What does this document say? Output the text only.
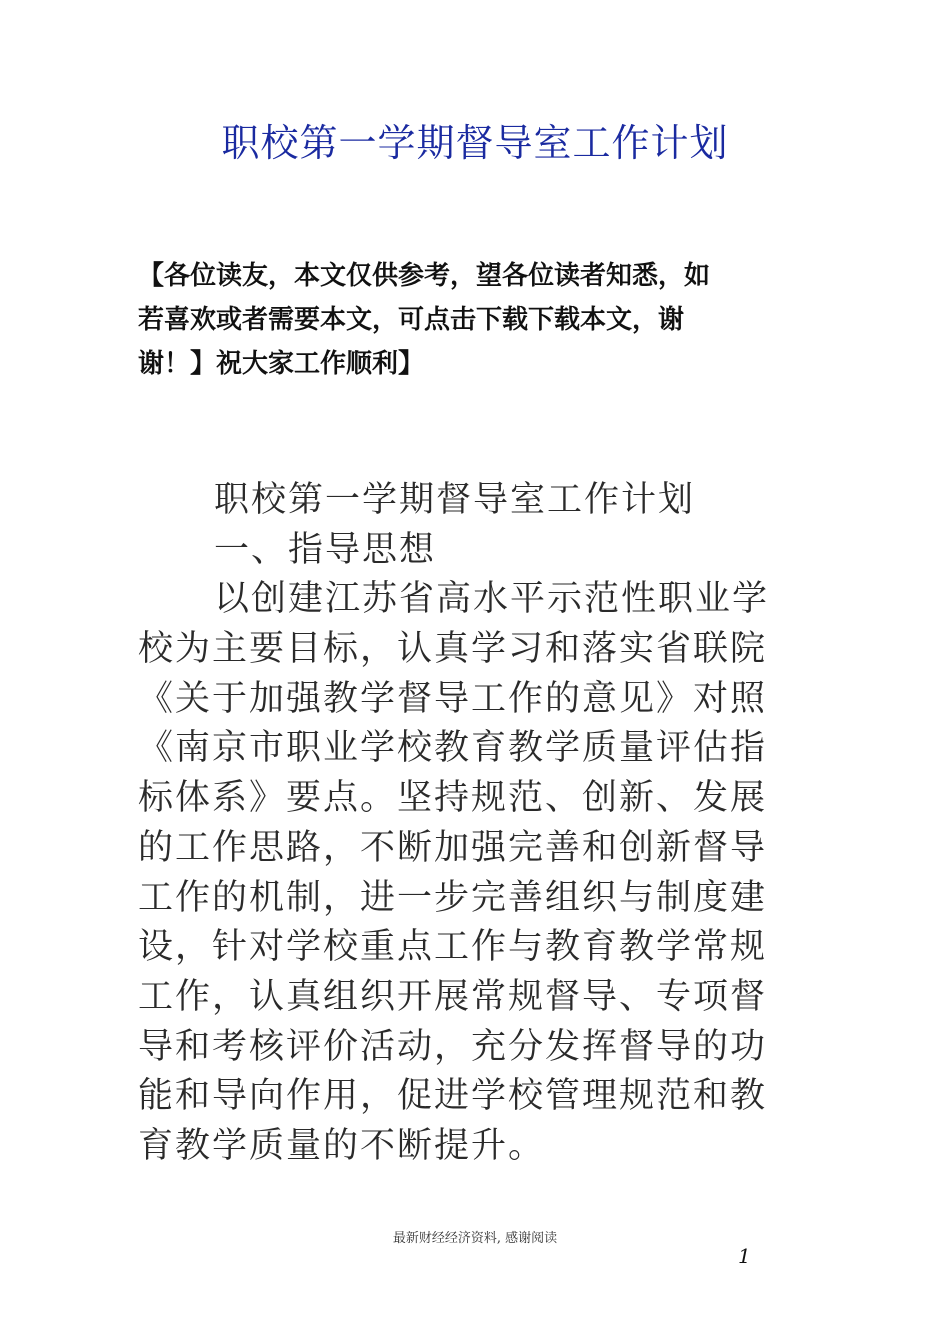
职校第一学期督导室工作计划
【各位读友，本文仅供参考，望各位读者知悉，如
若喜欢或者需要本文，可点击下载下载本文，谢
谢！】祝大家工作顺利】
职校第一学期督导室工作计划
一、指导思想
以创建江苏省高水平示范性职业学
校为主要目标，认真学习和落实省联院
《关于加强教学督导工作的意见》对照
《南京市职业学校教育教学质量评估指
标体系》要点。坚持规范、创新、发展
的工作思路，不断加强完善和创新督导
工作的机制，进一步完善组织与制度建
设，针对学校重点工作与教育教学常规
工作，认真组织开展常规督导、专项督
导和考核评价活动，充分发挥督导的功
能和导向作用，促进学校管理规范和教
育教学质量的不断提升。
最新财经经济资料, 感谢阅读
1
